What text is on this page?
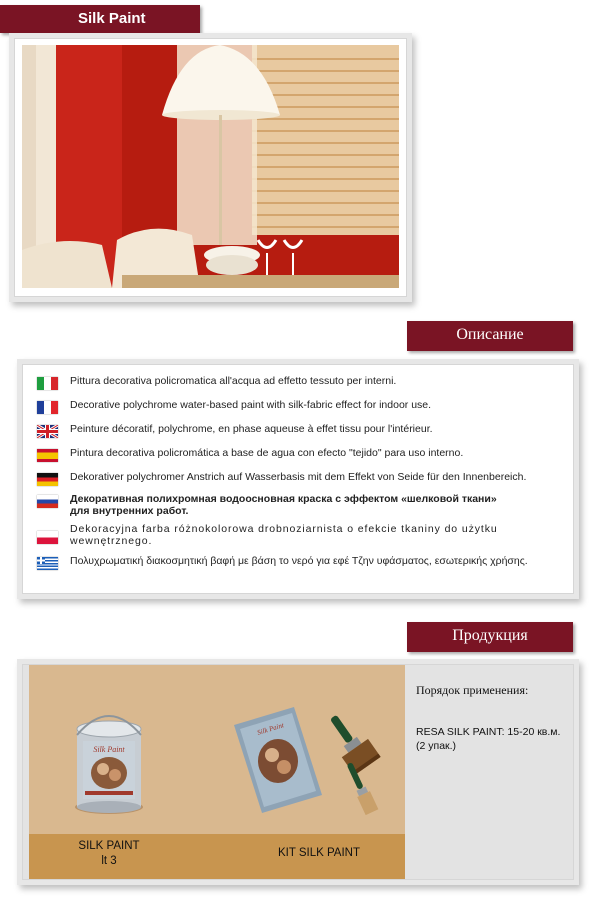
Silk Paint
Описание
Pittura decorativa policromatica all'acqua ad effetto tessuto per interni.
Decorative polychrome water-based paint with silk-fabric effect for indoor use.
Peinture décoratif, polychrome, en phase aqueuse à effet tissu pour l'intérieur.
Pintura decorativa policromática a base de agua con efecto "tejido" para uso interno.
Dekorativer polychromer Anstrich auf Wasserbasis mit dem Effekt von Seide für den Innenbereich.
Декоративная полихромная водоосновная краска с эффектом «шелковой ткани»
для внутренних работ.
Dekoracyjna farba różnokolorowa drobnoziarnista o efekcie tkaniny do użytku
wewnętrznego.
Πολυχρωματική διακοσμητική βαφή με βάση το νερό για εφέ Τζην υφάσματος, εσωτερικής χρήσης.
Продукция
Silk Paint
Silk Paint
SILK PAINT
lt 3
KIT SILK PAINT
Порядок применения:
RESA SILK PAINT: 15-20 кв.м.
(2 упак.)
